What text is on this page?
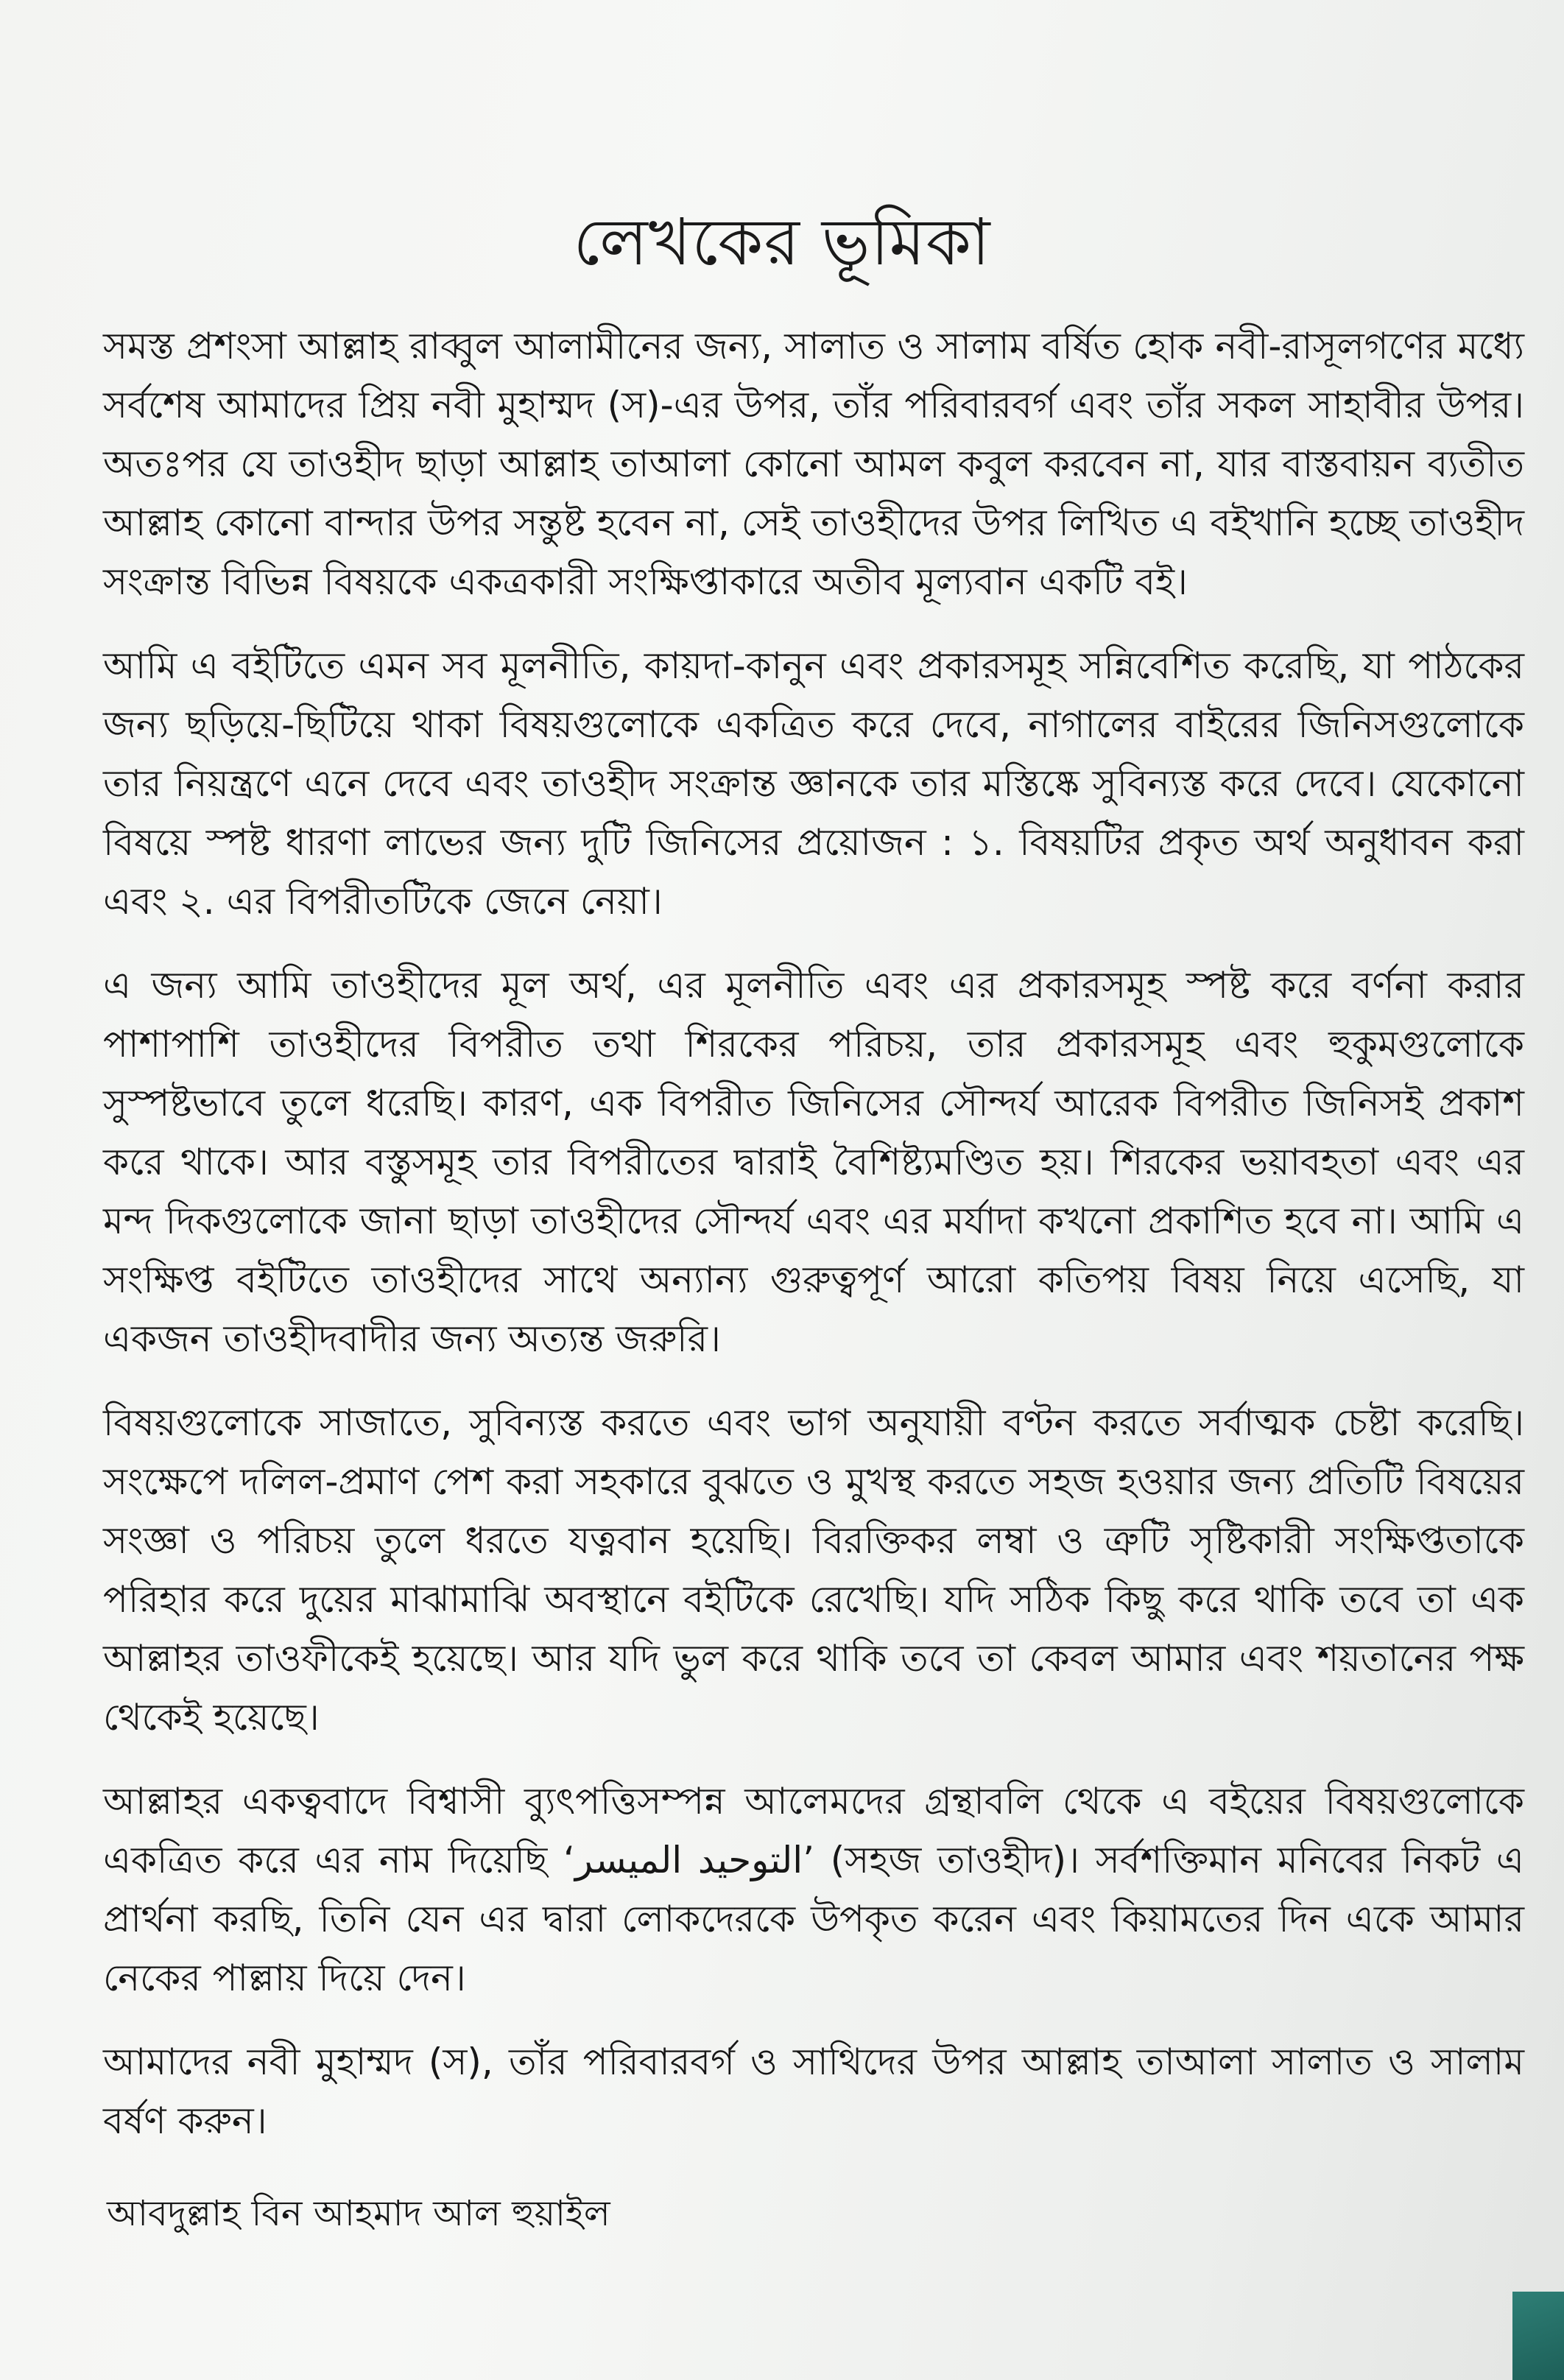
লেখকের ভূমিকা

সমস্ত প্রশংসা আল্লাহ রাব্বুল আলামীনের জন্য, সালাত ও সালাম বর্ষিত হোক নবী-রাসূলগণের মধ্যে সর্বশেষ আমাদের প্রিয় নবী মুহাম্মদ (স)-এর উপর, তাঁর পরিবারবর্গ এবং তাঁর সকল সাহাবীর উপর। অতঃপর যে তাওহীদ ছাড়া আল্লাহ তাআলা কোনো আমল কবুল করবেন না, যার বাস্তবায়ন ব্যতীত আল্লাহ কোনো বান্দার উপর সন্তুষ্ট হবেন না, সেই তাওহীদের উপর লিখিত এ বইখানি হচ্ছে তাওহীদ সংক্রান্ত বিভিন্ন বিষয়কে একত্রকারী সংক্ষিপ্তাকারে অতীব মূল্যবান একটি বই।

আমি এ বইটিতে এমন সব মূলনীতি, কায়দা-কানুন এবং প্রকারসমূহ সন্নিবেশিত করেছি, যা পাঠকের জন্য ছড়িয়ে-ছিটিয়ে থাকা বিষয়গুলোকে একত্রিত করে দেবে, নাগালের বাইরের জিনিসগুলোকে তার নিয়ন্ত্রণে এনে দেবে এবং তাওহীদ সংক্রান্ত জ্ঞানকে তার মস্তিষ্কে সুবিন্যস্ত করে দেবে। যেকোনো বিষয়ে স্পষ্ট ধারণা লাভের জন্য দুটি জিনিসের প্রয়োজন : ১. বিষয়টির প্রকৃত অর্থ অনুধাবন করা এবং ২. এর বিপরীতটিকে জেনে নেয়া।

এ জন্য আমি তাওহীদের মূল অর্থ, এর মূলনীতি এবং এর প্রকারসমূহ স্পষ্ট করে বর্ণনা করার পাশাপাশি তাওহীদের বিপরীত তথা শিরকের পরিচয়, তার প্রকারসমূহ এবং হুকুমগুলোকে সুস্পষ্টভাবে তুলে ধরেছি। কারণ, এক বিপরীত জিনিসের সৌন্দর্য আরেক বিপরীত জিনিসই প্রকাশ করে থাকে। আর বস্তুসমূহ তার বিপরীতের দ্বারাই বৈশিষ্ট্যমণ্ডিত হয়। শিরকের ভয়াবহতা এবং এর মন্দ দিকগুলোকে জানা ছাড়া তাওহীদের সৌন্দর্য এবং এর মর্যাদা কখনো প্রকাশিত হবে না। আমি এ সংক্ষিপ্ত বইটিতে তাওহীদের সাথে অন্যান্য গুরুত্বপূর্ণ আরো কতিপয় বিষয় নিয়ে এসেছি, যা একজন তাওহীদবাদীর জন্য অত্যন্ত জরুরি।

বিষয়গুলোকে সাজাতে, সুবিন্যস্ত করতে এবং ভাগ অনুযায়ী বণ্টন করতে সর্বাত্মক চেষ্টা করেছি। সংক্ষেপে দলিল-প্রমাণ পেশ করা সহকারে বুঝতে ও মুখস্থ করতে সহজ হওয়ার জন্য প্রতিটি বিষয়ের সংজ্ঞা ও পরিচয় তুলে ধরতে যত্নবান হয়েছি। বিরক্তিকর লম্বা ও ত্রুটি সৃষ্টিকারী সংক্ষিপ্ততাকে পরিহার করে দুয়ের মাঝামাঝি অবস্থানে বইটিকে রেখেছি। যদি সঠিক কিছু করে থাকি তবে তা এক আল্লাহর তাওফীকেই হয়েছে। আর যদি ভুল করে থাকি তবে তা কেবল আমার এবং শয়তানের পক্ষ থেকেই হয়েছে।

আল্লাহর একত্ববাদে বিশ্বাসী ব্যুৎপত্তিসম্পন্ন আলেমদের গ্রন্থাবলি থেকে এ বইয়ের বিষয়গুলোকে একত্রিত করে এর নাম দিয়েছি ‘التوحيد الميسر’ (সহজ তাওহীদ)। সর্বশক্তিমান মনিবের নিকট এ প্রার্থনা করছি, তিনি যেন এর দ্বারা লোকদেরকে উপকৃত করেন এবং কিয়ামতের দিন একে আমার নেকের পাল্লায় দিয়ে দেন।

আমাদের নবী মুহাম্মদ (স), তাঁর পরিবারবর্গ ও সাথিদের উপর আল্লাহ তাআলা সালাত ও সালাম বর্ষণ করুন।

আবদুল্লাহ বিন আহমাদ আল হুয়াইল
